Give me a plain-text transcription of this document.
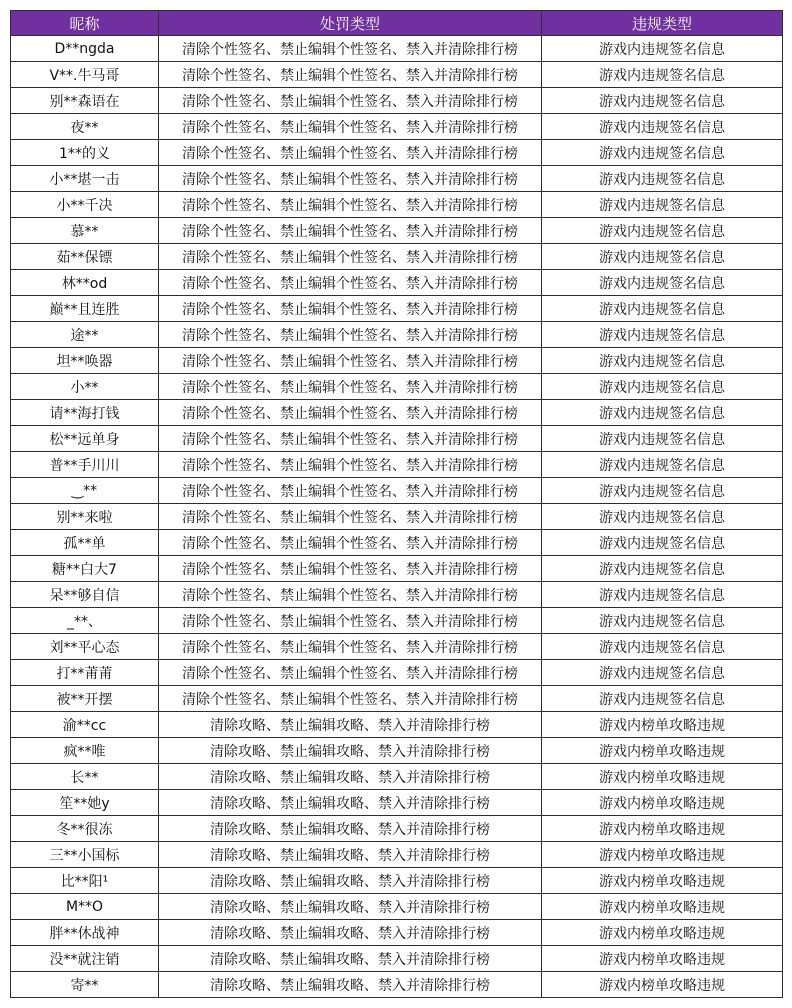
昵称	处罚类型	违规类型
D**ngda	清除个性签名、禁止编辑个性签名、禁入并清除排行榜	游戏内违规签名信息
V**.牛马哥	清除个性签名、禁止编辑个性签名、禁入并清除排行榜	游戏内违规签名信息
别**森语在	清除个性签名、禁止编辑个性签名、禁入并清除排行榜	游戏内违规签名信息
夜**	清除个性签名、禁止编辑个性签名、禁入并清除排行榜	游戏内违规签名信息
1**的义	清除个性签名、禁止编辑个性签名、禁入并清除排行榜	游戏内违规签名信息
小**堪一击	清除个性签名、禁止编辑个性签名、禁入并清除排行榜	游戏内违规签名信息
小**千决	清除个性签名、禁止编辑个性签名、禁入并清除排行榜	游戏内违规签名信息
慕**	清除个性签名、禁止编辑个性签名、禁入并清除排行榜	游戏内违规签名信息
茹**保镖	清除个性签名、禁止编辑个性签名、禁入并清除排行榜	游戏内违规签名信息
林**od	清除个性签名、禁止编辑个性签名、禁入并清除排行榜	游戏内违规签名信息
巅**且连胜	清除个性签名、禁止编辑个性签名、禁入并清除排行榜	游戏内违规签名信息
途**	清除个性签名、禁止编辑个性签名、禁入并清除排行榜	游戏内违规签名信息
坦**唤器	清除个性签名、禁止编辑个性签名、禁入并清除排行榜	游戏内违规签名信息
小**	清除个性签名、禁止编辑个性签名、禁入并清除排行榜	游戏内违规签名信息
请**海打钱	清除个性签名、禁止编辑个性签名、禁入并清除排行榜	游戏内违规签名信息
松**远单身	清除个性签名、禁止编辑个性签名、禁入并清除排行榜	游戏内违规签名信息
普**手川川	清除个性签名、禁止编辑个性签名、禁入并清除排行榜	游戏内违规签名信息
‿**	清除个性签名、禁止编辑个性签名、禁入并清除排行榜	游戏内违规签名信息
别**来啦	清除个性签名、禁止编辑个性签名、禁入并清除排行榜	游戏内违规签名信息
孤**单	清除个性签名、禁止编辑个性签名、禁入并清除排行榜	游戏内违规签名信息
糖**白大7	清除个性签名、禁止编辑个性签名、禁入并清除排行榜	游戏内违规签名信息
呆**够自信	清除个性签名、禁止编辑个性签名、禁入并清除排行榜	游戏内违规签名信息
_**、	清除个性签名、禁止编辑个性签名、禁入并清除排行榜	游戏内违规签名信息
刘**平心态	清除个性签名、禁止编辑个性签名、禁入并清除排行榜	游戏内违规签名信息
打**莆莆	清除个性签名、禁止编辑个性签名、禁入并清除排行榜	游戏内违规签名信息
被**开摆	清除个性签名、禁止编辑个性签名、禁入并清除排行榜	游戏内违规签名信息
渝**cc	清除攻略、禁止编辑攻略、禁入并清除排行榜	游戏内榜单攻略违规
疯**唯	清除攻略、禁止编辑攻略、禁入并清除排行榜	游戏内榜单攻略违规
长**	清除攻略、禁止编辑攻略、禁入并清除排行榜	游戏内榜单攻略违规
笙**她y	清除攻略、禁止编辑攻略、禁入并清除排行榜	游戏内榜单攻略违规
冬**很冻	清除攻略、禁止编辑攻略、禁入并清除排行榜	游戏内榜单攻略违规
三**小国标	清除攻略、禁止编辑攻略、禁入并清除排行榜	游戏内榜单攻略违规
比**阳¹	清除攻略、禁止编辑攻略、禁入并清除排行榜	游戏内榜单攻略违规
M**O	清除攻略、禁止编辑攻略、禁入并清除排行榜	游戏内榜单攻略违规
胖**休战神	清除攻略、禁止编辑攻略、禁入并清除排行榜	游戏内榜单攻略违规
没**就注销	清除攻略、禁止编辑攻略、禁入并清除排行榜	游戏内榜单攻略违规
寄**	清除攻略、禁止编辑攻略、禁入并清除排行榜	游戏内榜单攻略违规
